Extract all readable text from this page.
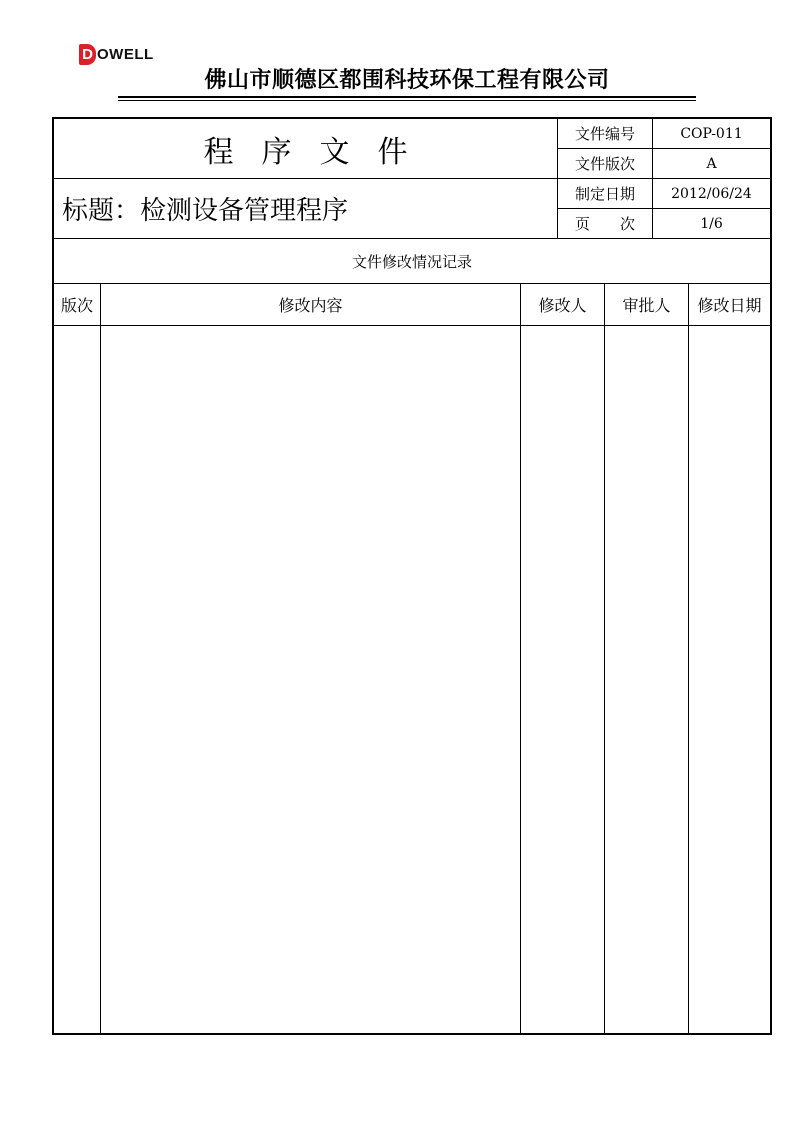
D OWELL
佛山市顺德区都围科技环保工程有限公司
程序文件
标题：检测设备管理程序
文件编号	COP-011
文件版次	A
制定日期	2012/06/24
页　　次	1/6
文件修改情况记录
版次	修改内容	修改人	审批人	修改日期
